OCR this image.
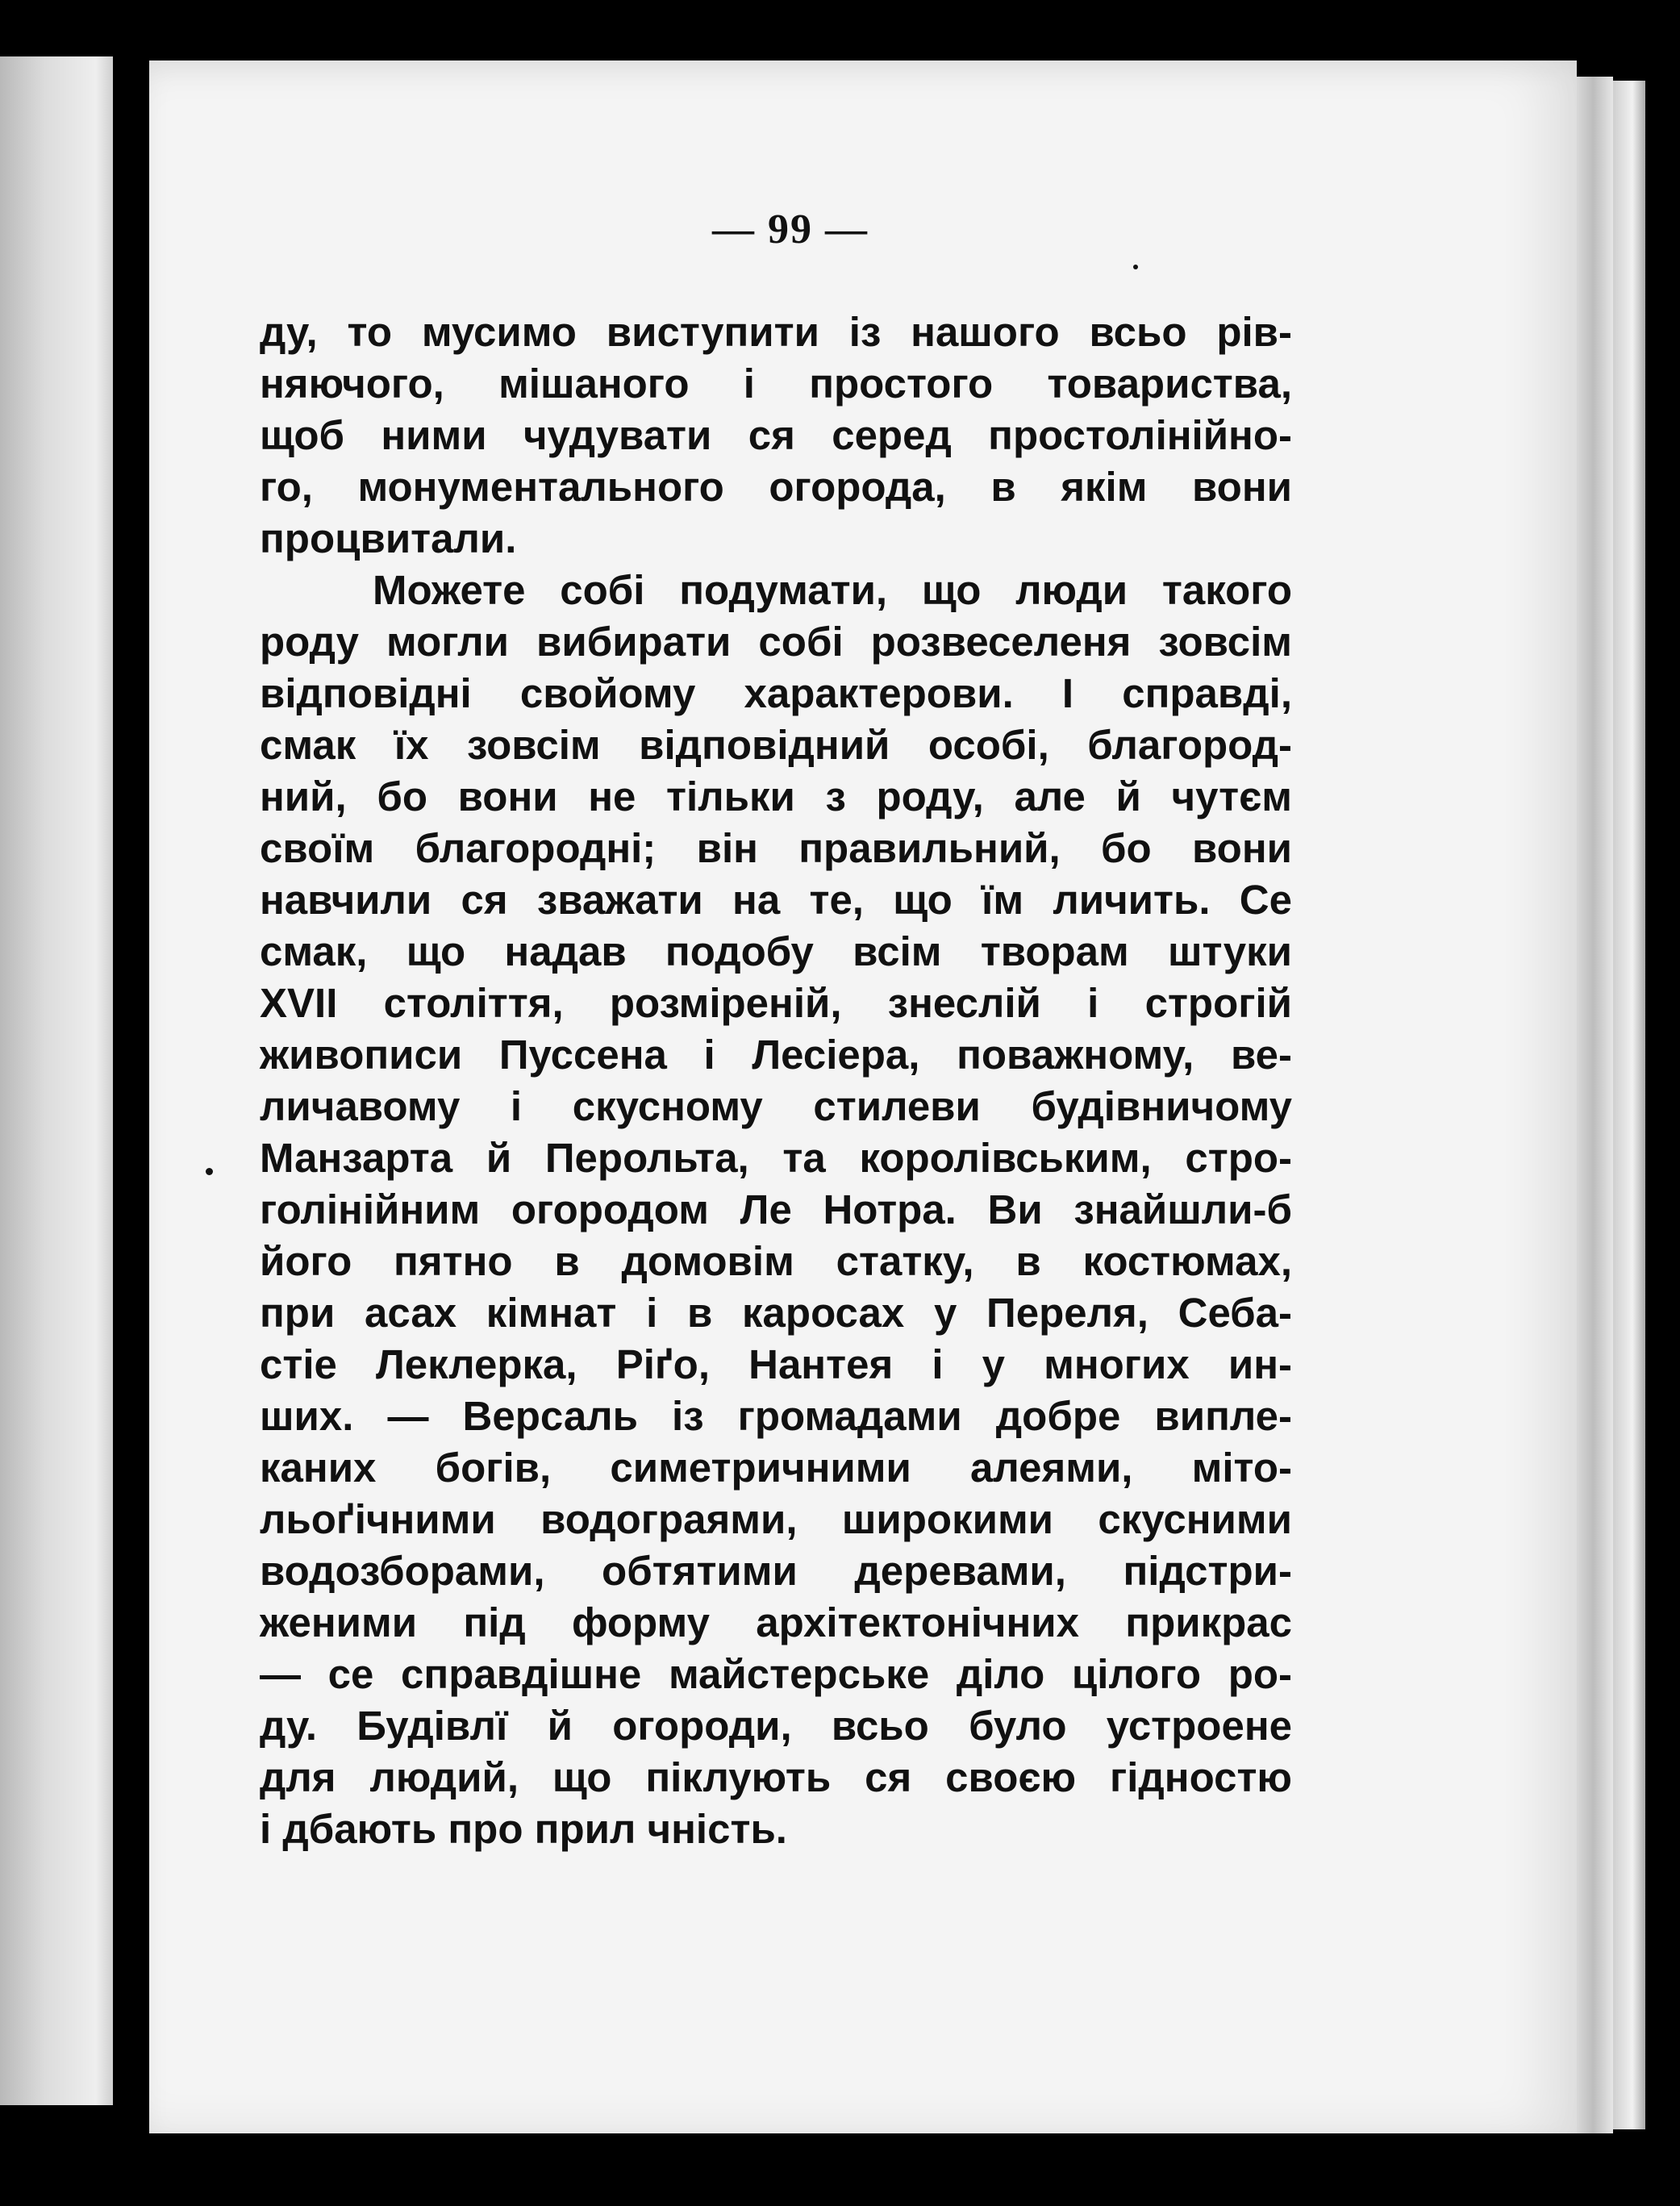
— 99 —
ду, то мусимо виступити із нашого всьо рів-
няючого, мішаного і простого товариства,
щоб ними чудувати ся серед простолінійно-
го, монументального огорода, в якім вони
процвитали.
Можете собі подумати, що люди такого
роду могли вибирати собі розвеселеня зовсім
відповідні свойому характерови. І справді,
смак їх зовсім відповідний особі, благород-
ний, бо вони не тільки з роду, але й чутєм
своїм благородні; він правильний, бо вони
навчили ся зважати на те, що їм личить. Се
смак, що надав подобу всім творам штуки
XVII століття, розміреній, знеслій і строгій
живописи Пуссена і Лесіера, поважному, ве-
личавому і скусному стилеви будівничому
Манзарта й Перольта, та королівським, стро-
голінійним огородом Ле Нотра. Ви знайшли-б
його пятно в домовім статку, в костюмах,
при асах кімнат і в каросах у Переля, Себа-
стіе Леклерка, Ріґо, Нантея і у многих ин-
ших. — Версаль із громадами добре випле-
каних богів, симетричними алеями, міто-
льоґічними водограями, широкими скусними
водозборами, обтятими деревами, підстри-
женими під форму архітектонічних прикрас
— се справдішне майстерське діло цілого ро-
ду. Будівлї й огороди, всьо було устроене
для людий, що піклують ся своєю гідностю
і дбають про прил чність.
